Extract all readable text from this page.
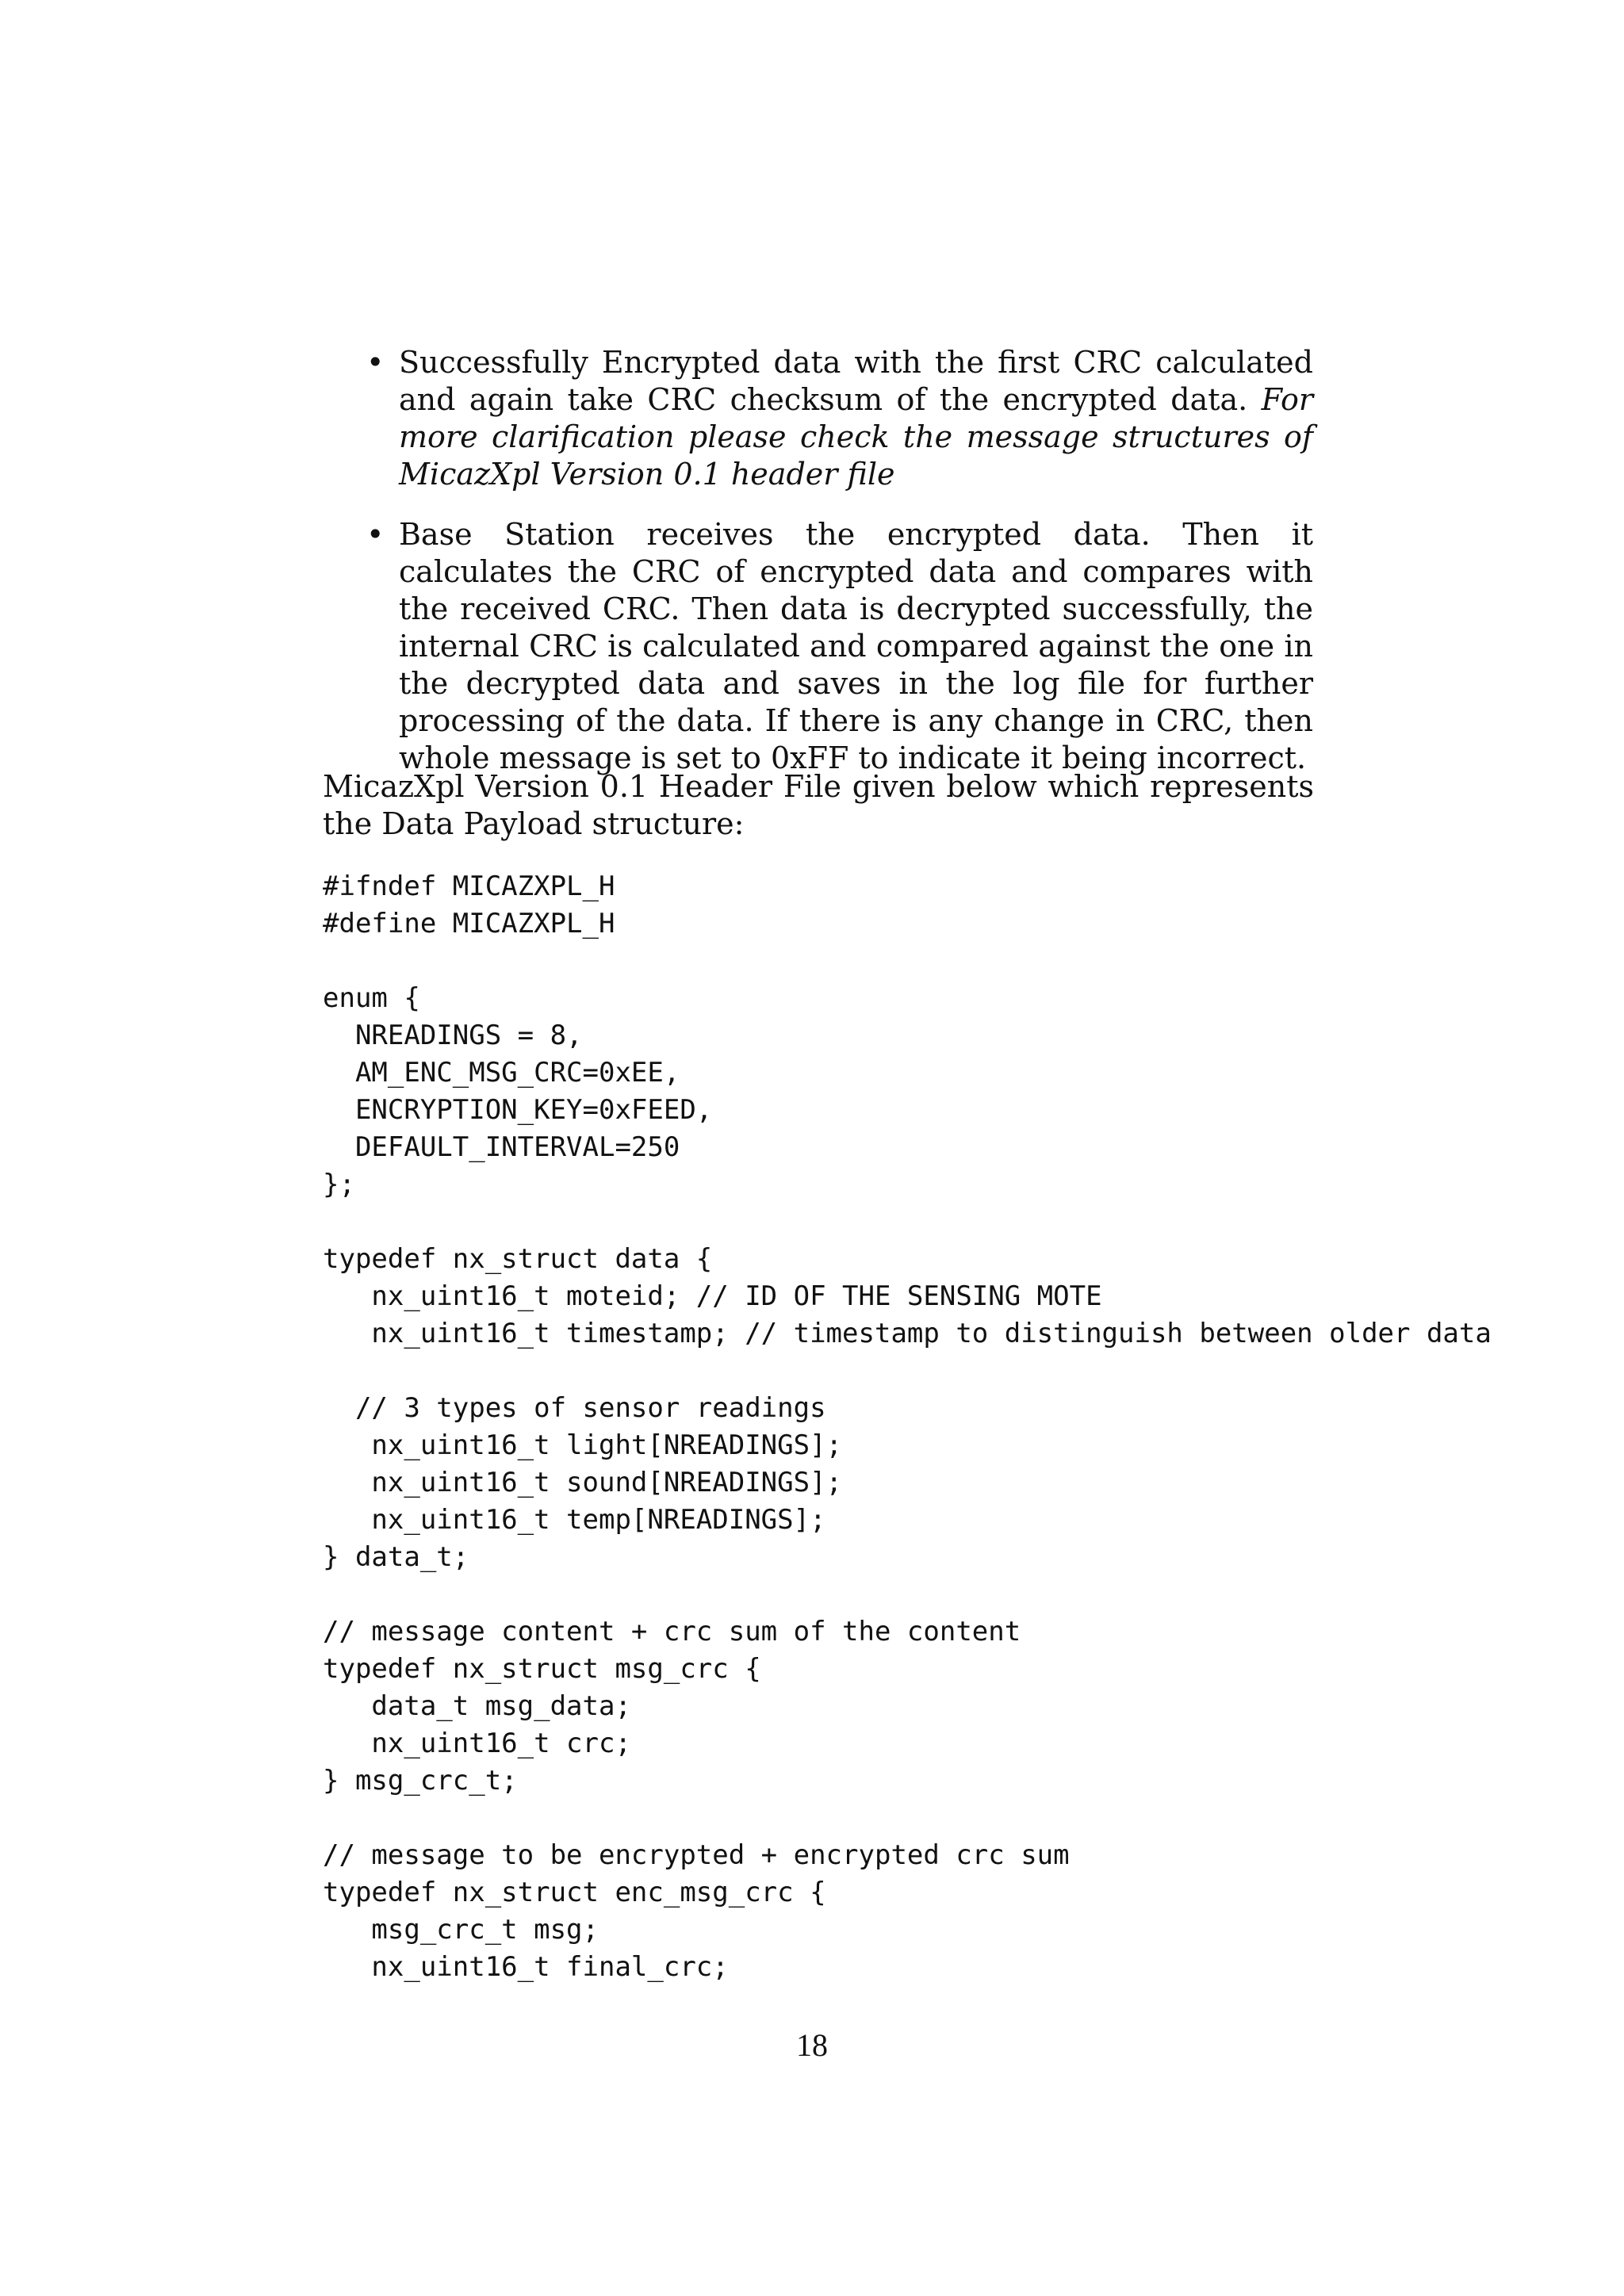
• Successfully Encrypted data with the first CRC calculated and again take CRC checksum of the encrypted data. For more clarification please check the message structures of MicazXpl Version 0.1 header file
• Base Station receives the encrypted data. Then it calculates the CRC of encrypted data and compares with the received CRC. Then data is decrypted successfully, the internal CRC is calculated and compared against the one in the decrypted data and saves in the log file for further processing of the data. If there is any change in CRC, then whole message is set to 0xFF to indicate it being incorrect.

MicazXpl Version 0.1 Header File given below which represents the Data Payload structure:

#ifndef MICAZXPL_H
#define MICAZXPL_H

enum {
NREADINGS = 8,
AM_ENC_MSG_CRC=0xEE,
ENCRYPTION_KEY=0xFEED,
DEFAULT_INTERVAL=250
};

typedef nx_struct data {
nx_uint16_t moteid; // ID OF THE SENSING MOTE
nx_uint16_t timestamp; // timestamp to distinguish between older data

// 3 types of sensor readings
nx_uint16_t light[NREADINGS];
nx_uint16_t sound[NREADINGS];
nx_uint16_t temp[NREADINGS];
} data_t;

// message content + crc sum of the content
typedef nx_struct msg_crc {
data_t msg_data;
nx_uint16_t crc;
} msg_crc_t;

// message to be encrypted + encrypted crc sum
typedef nx_struct enc_msg_crc {
msg_crc_t msg;
nx_uint16_t final_crc;
18
